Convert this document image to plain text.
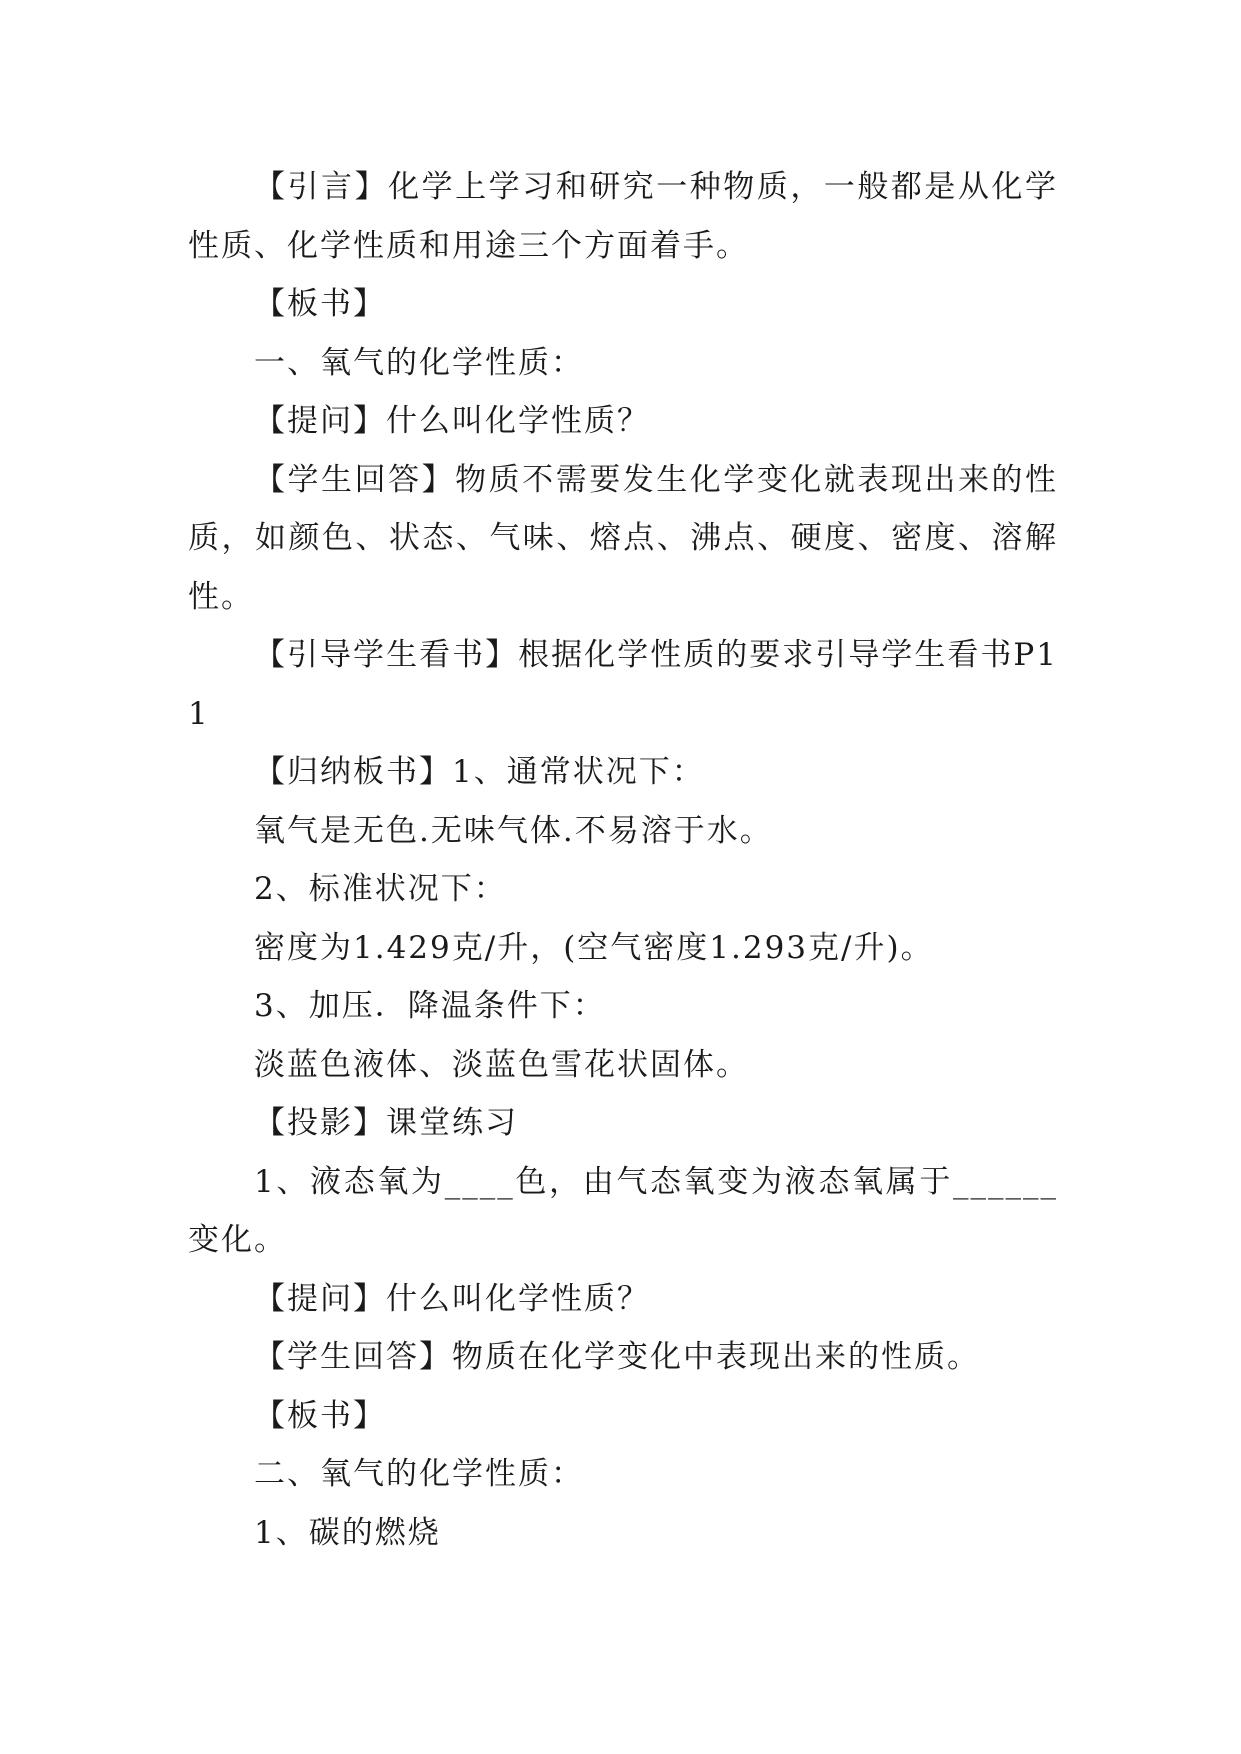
【引言】化学上学习和研究一种物质，一般都是从化学性质、化学性质和用途三个方面着手。

【板书】

一、氧气的化学性质：

【提问】什么叫化学性质？

【学生回答】物质不需要发生化学变化就表现出来的性质，如颜色、状态、气味、熔点、沸点、硬度、密度、溶解性。

【引导学生看书】根据化学性质的要求引导学生看书P11

【归纳板书】1、通常状况下：

氧气是无色.无味气体.不易溶于水。

2、标准状况下：

密度为1.429克/升，(空气密度1.293克/升)。

3、加压．降温条件下：

淡蓝色液体、淡蓝色雪花状固体。

【投影】课堂练习

1、液态氧为____色，由气态氧变为液态氧属于______变化。

【提问】什么叫化学性质？

【学生回答】物质在化学变化中表现出来的性质。

【板书】

二、氧气的化学性质：

1、碳的燃烧
